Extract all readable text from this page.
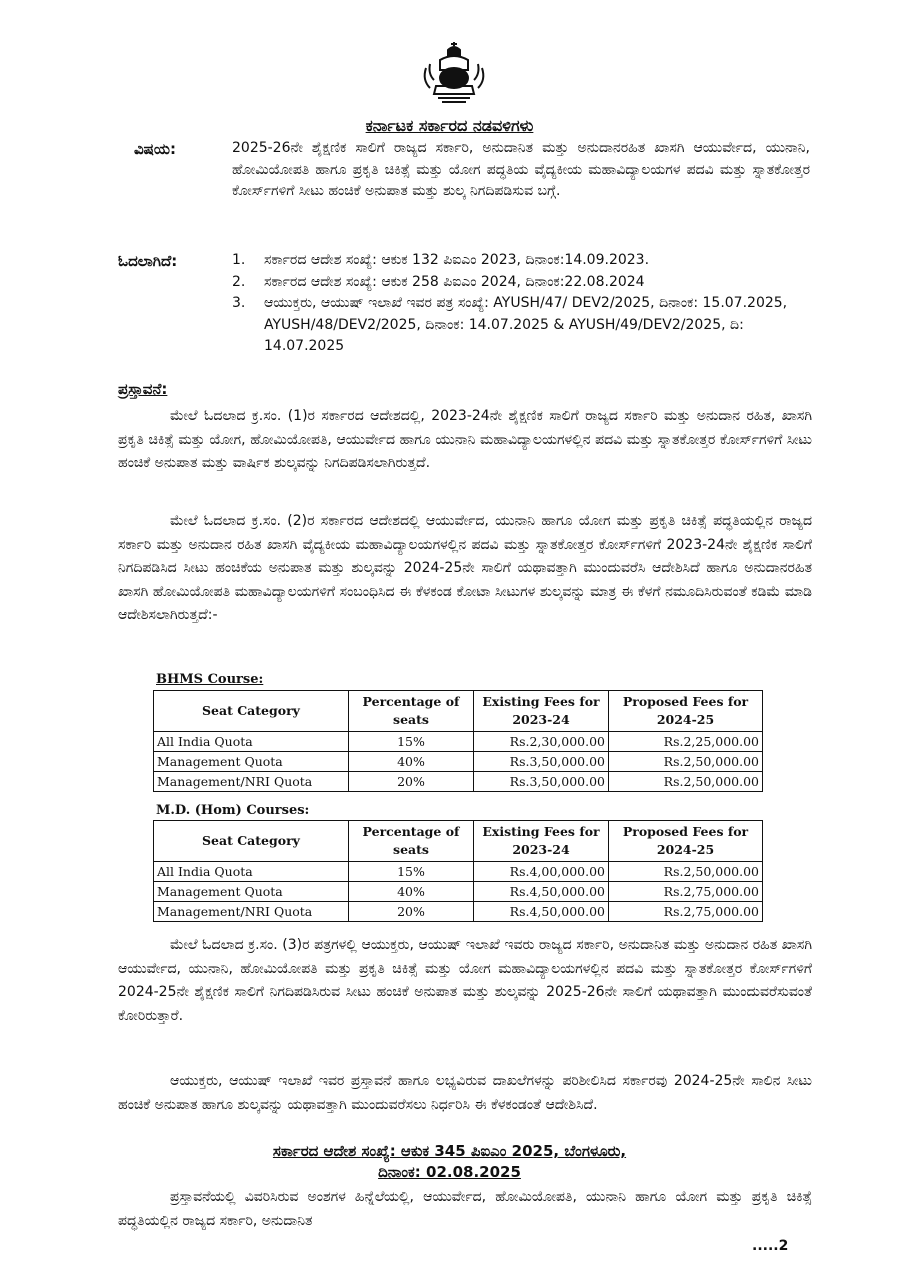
ಕರ್ನಾಟಕ ಸರ್ಕಾರದ ನಡವಳಿಗಳು
ವಿಷಯ:	2025-26ನೇ ಶೈಕ್ಷಣಿಕ ಸಾಲಿಗೆ ರಾಜ್ಯದ ಸರ್ಕಾರಿ, ಅನುದಾನಿತ ಮತ್ತು ಅನುದಾನರಹಿತ ಖಾಸಗಿ ಆಯುರ್ವೇದ, ಯುನಾನಿ, ಹೋಮಿಯೋಪತಿ ಹಾಗೂ ಪ್ರಕೃತಿ ಚಿಕಿತ್ಸೆ ಮತ್ತು ಯೋಗ ಪದ್ಧತಿಯ ವೈದ್ಯಕೀಯ ಮಹಾವಿದ್ಯಾಲಯಗಳ ಪದವಿ ಮತ್ತು ಸ್ನಾತಕೋತ್ತರ ಕೋರ್ಸ್‌ಗಳಿಗೆ ಸೀಟು ಹಂಚಿಕೆ ಅನುಪಾತ ಮತ್ತು ಶುಲ್ಕ ನಿಗದಿಪಡಿಸುವ ಬಗ್ಗೆ.
ಓದಲಾಗಿದೆ:	1.	ಸರ್ಕಾರದ ಆದೇಶ ಸಂಖ್ಯೆ: ಆಕುಕ 132 ಪಿಐಎಂ 2023, ದಿನಾಂಕ:14.09.2023.
2.	ಸರ್ಕಾರದ ಆದೇಶ ಸಂಖ್ಯೆ: ಆಕುಕ 258 ಪಿಐಎಂ 2024, ದಿನಾಂಕ:22.08.2024
3.	ಆಯುಕ್ತರು, ಆಯುಷ್ ಇಲಾಖೆ ಇವರ ಪತ್ರ ಸಂಖ್ಯೆ: AYUSH/47/ DEV2/2025, ದಿನಾಂಕ: 15.07.2025, AYUSH/48/DEV2/2025, ದಿನಾಂಕ: 14.07.2025 & AYUSH/49/DEV2/2025, ದಿ: 14.07.2025
ಪ್ರಸ್ತಾವನೆ:
ಮೇಲೆ ಓದಲಾದ ಕ್ರ.ಸಂ. (1)ರ ಸರ್ಕಾರದ ಆದೇಶದಲ್ಲಿ, 2023-24ನೇ ಶೈಕ್ಷಣಿಕ ಸಾಲಿಗೆ ರಾಜ್ಯದ ಸರ್ಕಾರಿ ಮತ್ತು ಅನುದಾನ ರಹಿತ, ಖಾಸಗಿ ಪ್ರಕೃತಿ ಚಿಕಿತ್ಸೆ ಮತ್ತು ಯೋಗ, ಹೋಮಿಯೋಪತಿ, ಆಯುರ್ವೇದ ಹಾಗೂ ಯುನಾನಿ ಮಹಾವಿದ್ಯಾಲಯಗಳಲ್ಲಿನ ಪದವಿ ಮತ್ತು ಸ್ನಾತಕೋತ್ತರ ಕೋರ್ಸ್‌ಗಳಿಗೆ ಸೀಟು ಹಂಚಿಕೆ ಅನುಪಾತ ಮತ್ತು ವಾರ್ಷಿಕ ಶುಲ್ಕವನ್ನು ನಿಗದಿಪಡಿಸಲಾಗಿರುತ್ತದೆ.
ಮೇಲೆ ಓದಲಾದ ಕ್ರ.ಸಂ. (2)ರ ಸರ್ಕಾರದ ಆದೇಶದಲ್ಲಿ ಆಯುರ್ವೇದ, ಯುನಾನಿ ಹಾಗೂ ಯೋಗ ಮತ್ತು ಪ್ರಕೃತಿ ಚಿಕಿತ್ಸೆ ಪದ್ಧತಿಯಲ್ಲಿನ ರಾಜ್ಯದ ಸರ್ಕಾರಿ ಮತ್ತು ಅನುದಾನ ರಹಿತ ಖಾಸಗಿ ವೈದ್ಯಕೀಯ ಮಹಾವಿದ್ಯಾಲಯಗಳಲ್ಲಿನ ಪದವಿ ಮತ್ತು ಸ್ನಾತಕೋತ್ತರ ಕೋರ್ಸ್‌ಗಳಿಗೆ 2023-24ನೇ ಶೈಕ್ಷಣಿಕ ಸಾಲಿಗೆ ನಿಗದಿಪಡಿಸಿದ ಸೀಟು ಹಂಚಿಕೆಯ ಅನುಪಾತ ಮತ್ತು ಶುಲ್ಕವನ್ನು 2024-25ನೇ ಸಾಲಿಗೆ ಯಥಾವತ್ತಾಗಿ ಮುಂದುವರೆಸಿ ಆದೇಶಿಸಿದೆ ಹಾಗೂ ಅನುದಾನರಹಿತ ಖಾಸಗಿ ಹೋಮಿಯೋಪತಿ ಮಹಾವಿದ್ಯಾಲಯಗಳಿಗೆ ಸಂಬಂಧಿಸಿದ ಈ ಕೆಳಕಂಡ ಕೋಟಾ ಸೀಟುಗಳ ಶುಲ್ಕವನ್ನು ಮಾತ್ರ ಈ ಕೆಳಗೆ ನಮೂದಿಸಿರುವಂತೆ ಕಡಿಮೆ ಮಾಡಿ ಆದೇಶಿಸಲಾಗಿರುತ್ತದೆ:-
BHMS Course:
Seat Category	Percentage of seats	Existing Fees for 2023-24	Proposed Fees for 2024-25
All India Quota	15%	Rs.2,30,000.00	Rs.2,25,000.00
Management Quota	40%	Rs.3,50,000.00	Rs.2,50,000.00
Management/NRI Quota	20%	Rs.3,50,000.00	Rs.2,50,000.00
M.D. (Hom) Courses:
Seat Category	Percentage of seats	Existing Fees for 2023-24	Proposed Fees for 2024-25
All India Quota	15%	Rs.4,00,000.00	Rs.2,50,000.00
Management Quota	40%	Rs.4,50,000.00	Rs.2,75,000.00
Management/NRI Quota	20%	Rs.4,50,000.00	Rs.2,75,000.00
ಮೇಲೆ ಓದಲಾದ ಕ್ರ.ಸಂ. (3)ರ ಪತ್ರಗಳಲ್ಲಿ ಆಯುಕ್ತರು, ಆಯುಷ್ ಇಲಾಖೆ ಇವರು ರಾಜ್ಯದ ಸರ್ಕಾರಿ, ಅನುದಾನಿತ ಮತ್ತು ಅನುದಾನ ರಹಿತ ಖಾಸಗಿ ಆಯುರ್ವೇದ, ಯುನಾನಿ, ಹೋಮಿಯೋಪತಿ ಮತ್ತು ಪ್ರಕೃತಿ ಚಿಕಿತ್ಸೆ ಮತ್ತು ಯೋಗ ಮಹಾವಿದ್ಯಾಲಯಗಳಲ್ಲಿನ ಪದವಿ ಮತ್ತು ಸ್ನಾತಕೋತ್ತರ ಕೋರ್ಸ್‌ಗಳಿಗೆ 2024-25ನೇ ಶೈಕ್ಷಣಿಕ ಸಾಲಿಗೆ ನಿಗದಿಪಡಿಸಿರುವ ಸೀಟು ಹಂಚಿಕೆ ಅನುಪಾತ ಮತ್ತು ಶುಲ್ಕವನ್ನು 2025-26ನೇ ಸಾಲಿಗೆ ಯಥಾವತ್ತಾಗಿ ಮುಂದುವರೆಸುವಂತೆ ಕೋರಿರುತ್ತಾರೆ.
ಆಯುಕ್ತರು, ಆಯುಷ್ ಇಲಾಖೆ ಇವರ ಪ್ರಸ್ತಾವನೆ ಹಾಗೂ ಲಭ್ಯವಿರುವ ದಾಖಲೆಗಳನ್ನು ಪರಿಶೀಲಿಸಿದ ಸರ್ಕಾರವು 2024-25ನೇ ಸಾಲಿನ ಸೀಟು ಹಂಚಿಕೆ ಅನುಪಾತ ಹಾಗೂ ಶುಲ್ಕವನ್ನು ಯಥಾವತ್ತಾಗಿ ಮುಂದುವರೆಸಲು ನಿರ್ಧರಿಸಿ ಈ ಕೆಳಕಂಡಂತೆ ಆದೇಶಿಸಿದೆ.
ಸರ್ಕಾರದ ಆದೇಶ ಸಂಖ್ಯೆ: ಆಕುಕ 345 ಪಿಐಎಂ 2025, ಬೆಂಗಳೂರು,
ದಿನಾಂಕ: 02.08.2025
ಪ್ರಸ್ತಾವನೆಯಲ್ಲಿ ವಿವರಿಸಿರುವ ಅಂಶಗಳ ಹಿನ್ನೆಲೆಯಲ್ಲಿ, ಆಯುರ್ವೇದ, ಹೋಮಿಯೋಪತಿ, ಯುನಾನಿ ಹಾಗೂ ಯೋಗ ಮತ್ತು ಪ್ರಕೃತಿ ಚಿಕಿತ್ಸೆ ಪದ್ಧತಿಯಲ್ಲಿನ ರಾಜ್ಯದ ಸರ್ಕಾರಿ, ಅನುದಾನಿತ
.....2
